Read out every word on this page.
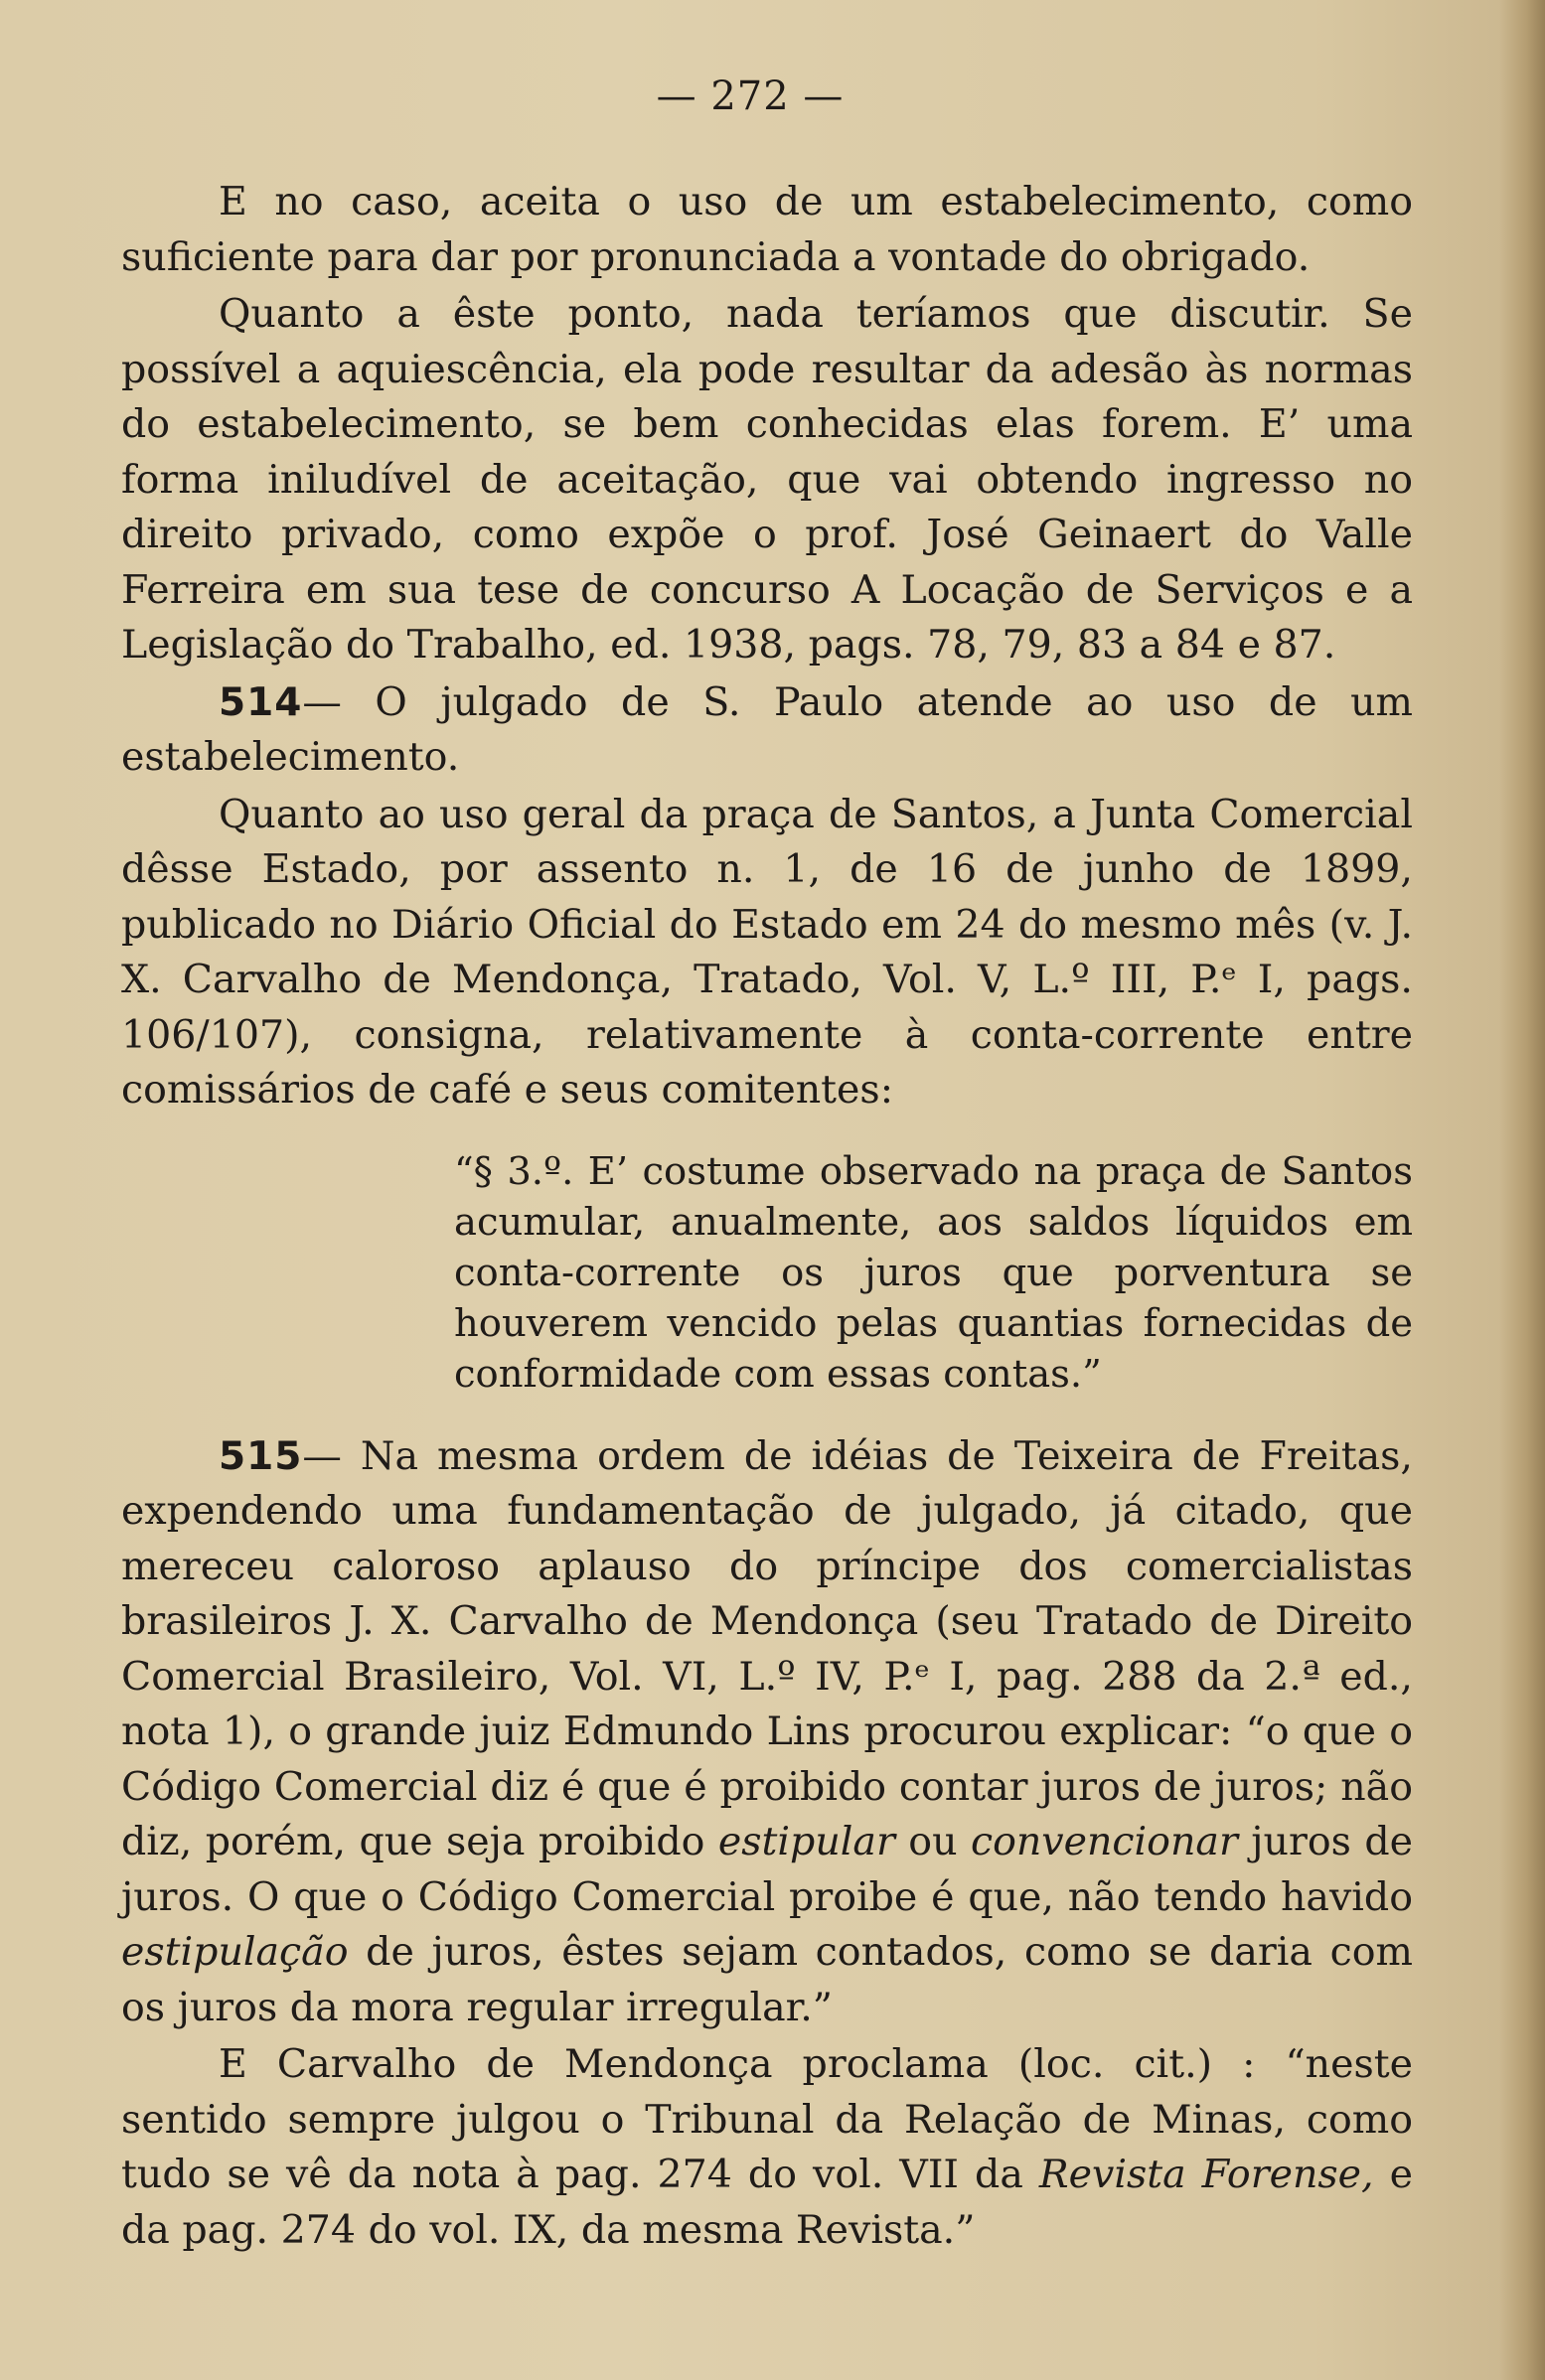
— 272 —

E no caso, aceita o uso de um estabelecimento, como suficiente para dar por pronunciada a vontade do obrigado.

Quanto a êste ponto, nada teríamos que discutir. Se possível a aquiescência, ela pode resultar da adesão às normas do estabelecimento, se bem conhecidas elas forem. E’ uma forma iniludível de aceitação, que vai obtendo ingresso no direito privado, como expõe o prof. José Geinaert do Valle Ferreira em sua tese de concurso A Locação de Serviços e a Legislação do Trabalho, ed. 1938, pags. 78, 79, 83 a 84 e 87.

514— O julgado de S. Paulo atende ao uso de um estabelecimento.

Quanto ao uso geral da praça de Santos, a Junta Comercial dêsse Estado, por assento n. 1, de 16 de junho de 1899, publicado no Diário Oficial do Estado em 24 do mesmo mês (v. J. X. Carvalho de Mendonça, Tratado, Vol. V, L.º III, P.ᵉ I, pags. 106/107), consigna, relativamente à conta-corrente entre comissários de café e seus comitentes:

“§ 3.º. E’ costume observado na praça de Santos acumular, anualmente, aos saldos líquidos em conta-corrente os juros que porventura se houverem vencido pelas quantias fornecidas de conformidade com essas contas.”

515— Na mesma ordem de idéias de Teixeira de Freitas, expendendo uma fundamentação de julgado, já citado, que mereceu caloroso aplauso do príncipe dos comercialistas brasileiros J. X. Carvalho de Mendonça (seu Tratado de Direito Comercial Brasileiro, Vol. VI, L.º IV, P.ᵉ I, pag. 288 da 2.ª ed., nota 1), o grande juiz Edmundo Lins procurou explicar: “o que o Código Comercial diz é que é proibido contar juros de juros; não diz, porém, que seja proibido estipular ou convencionar juros de juros. O que o Código Comercial proibe é que, não tendo havido estipulação de juros, êstes sejam contados, como se daria com os juros da mora regular irregular.”

E Carvalho de Mendonça proclama (loc. cit.) : “neste sentido sempre julgou o Tribunal da Relação de Minas, como tudo se vê da nota à pag. 274 do vol. VII da Revista Forense, e da pag. 274 do vol. IX, da mesma Revista.”
